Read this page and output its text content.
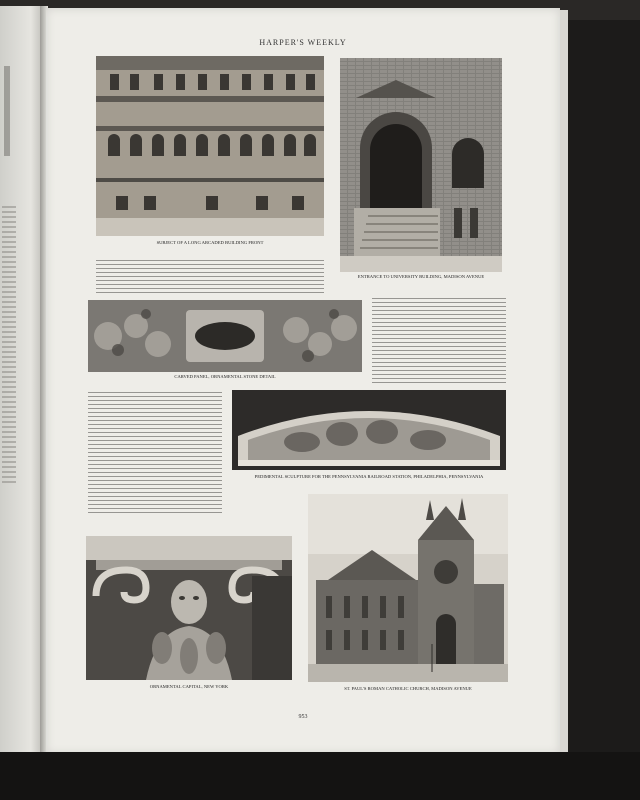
HARPER'S WEEKLY
SUBJECT OF A LONG ARCADED BUILDING FRONT
ENTRANCE TO UNIVERSITY BUILDING, MADISON AVENUE
CARVED PANEL, ORNAMENTAL STONE DETAIL
PEDIMENTAL SCULPTURE FOR THE PENNSYLVANIA RAILROAD STATION, PHILADELPHIA, PENNSYLVANIA
ORNAMENTAL CAPITAL, NEW YORK	ST. PAUL'S ROMAN CATHOLIC CHURCH, MADISON AVENUE
953
